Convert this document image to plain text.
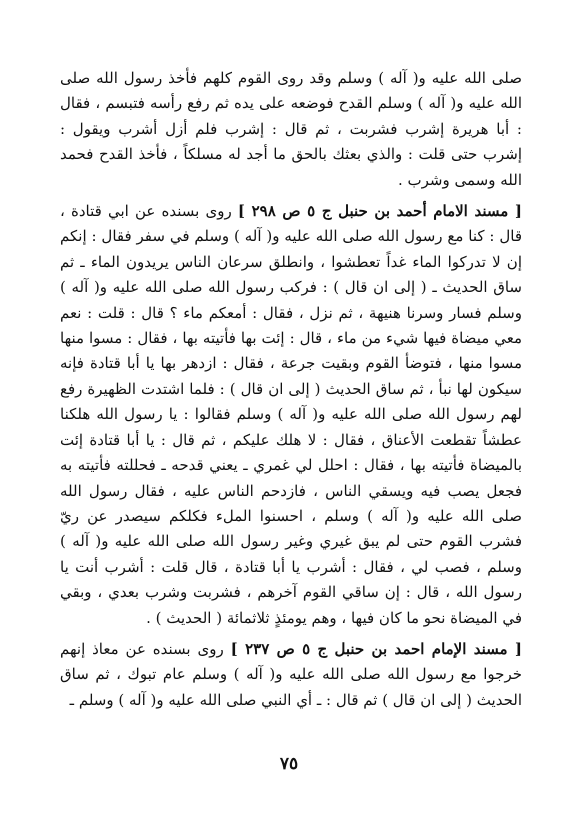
صلى الله عليه و( آله ) وسلم وقد روى القوم كلهم فأخذ رسول الله صلى الله عليه و( آله ) وسلم القدح فوضعه على يده ثم رفع رأسه فتبسم ، فقال : أبا هريرة إشرب فشربت ، ثم قال : إشرب فلم أزل أشرب ويقول : إشرب حتى قلت : والذي بعثك بالحق ما أجد له مسلكاً ، فأخذ القدح فحمد الله وسمى وشرب .

[ مسند الامام أحمد بن حنبل ج ٥ ص ٢٩٨ ] روى بسنده عن ابي قتادة ، قال : كنا مع رسول الله صلى الله عليه و( آله ) وسلم في سفر فقال : إنكم إن لا تدركوا الماء غداً تعطشوا ، وانطلق سرعان الناس يريدون الماء ـ ثم ساق الحديث ـ ( إلى ان قال ) : فركب رسول الله صلى الله عليه و( آله ) وسلم فسار وسرنا هنيهة ، ثم نزل ، فقال : أمعكم ماء ؟ قال : قلت : نعم معي ميضاة فيها شيء من ماء ، قال : إئت بها فأتيته بها ، فقال : مسوا منها مسوا منها ، فتوضأ القوم وبقيت جرعة ، فقال : ازدهر بها يا أبا قتادة فإنه سيكون لها نبأ ، ثم ساق الحديث ( إلى ان قال ) : فلما اشتدت الظهيرة رفع لهم رسول الله صلى الله عليه و( آله ) وسلم فقالوا : يا رسول الله هلكنا عطشاً تقطعت الأعناق ، فقال : لا هلك عليكم ، ثم قال : يا أبا قتادة إئت بالميضاة فأتيته بها ، فقال : احلل لي غمري ـ يعني قدحه ـ فحللته فأتيته به فجعل يصب فيه ويسقي الناس ، فازدحم الناس عليه ، فقال رسول الله صلى الله عليه و( آله ) وسلم ، احسنوا الملء فكلكم سيصدر عن ريّ فشرب القوم حتى لم يبق غيري وغير رسول الله صلى الله عليه و( آله ) وسلم ، فصب لي ، فقال : أشرب يا أبا قتادة ، قال قلت : أشرب أنت يا رسول الله ، قال : إن ساقي القوم آخرهم ، فشربت وشرب بعدي ، وبقي في الميضاة نحو ما كان فيها ، وهم يومئذٍ ثلاثمائة ( الحديث ) .

[ مسند الإمام احمد بن حنبل ج ٥ ص ٢٣٧ ] روى بسنده عن معاذ إنهم خرجوا مع رسول الله صلى الله عليه و( آله ) وسلم عام تبوك ، ثم ساق الحديث ( إلى ان قال ) ثم قال : ـ أي النبي صلى الله عليه و( آله ) وسلم ـ

٧٥
